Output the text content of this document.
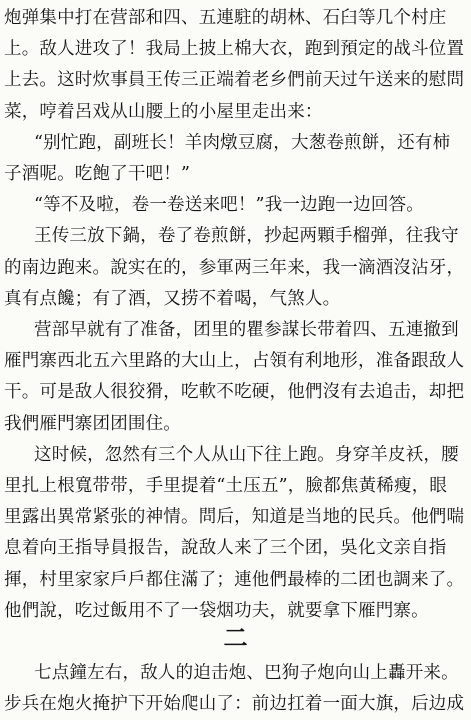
炮弹集中打在营部和四、五連駐的胡林、石臼等几个村庄
上。敌人进攻了！我局上披上棉大衣，跑到預定的战斗位置
上去。这时炊事員王传三正端着老乡們前天过午送来的慰問
菜，哼着呂戏从山腰上的小屋里走出来：
“别忙跑，副班长！羊肉燉豆腐，大葱卷煎餅，还有柿
子酒呢。吃飽了干吧！”
“等不及啦，卷一卷送来吧！”我一边跑一边回答。
王传三放下鍋，卷了卷煎餅，抄起两顆手榴弹，往我守
的南边跑来。說实在的，参軍两三年来，我一滴酒沒沾牙，
真有点饞；有了酒，又捞不着喝，气煞人。
营部早就有了准备，团里的瞿参謀长带着四、五連撤到
雁門寨西北五六里路的大山上，占領有利地形，准备跟敌人
干。可是敌人很狡猾，吃軟不吃硬，他們沒有去追击，却把
我們雁門寨团团围住。
这时候，忽然有三个人从山下往上跑。身穿羊皮袄，腰
里扎上根寬带带，手里提着“土压五”，臉都焦黃稀瘦，眼
里露出異常紧张的神情。問后，知道是当地的民兵。他們喘
息着向王指导員报告，說敌人来了三个团，吳化文亲自指
揮，村里家家戶戶都住滿了；連他們最棒的二团也調来了。
他們說，吃过飯用不了一袋烟功夫，就要拿下雁門寨。
七点鐘左右，敌人的迫击炮、巴狗子炮向山上轟开来。
步兵在炮火掩护下开始爬山了：前边扛着一面大旗，后边成
二
